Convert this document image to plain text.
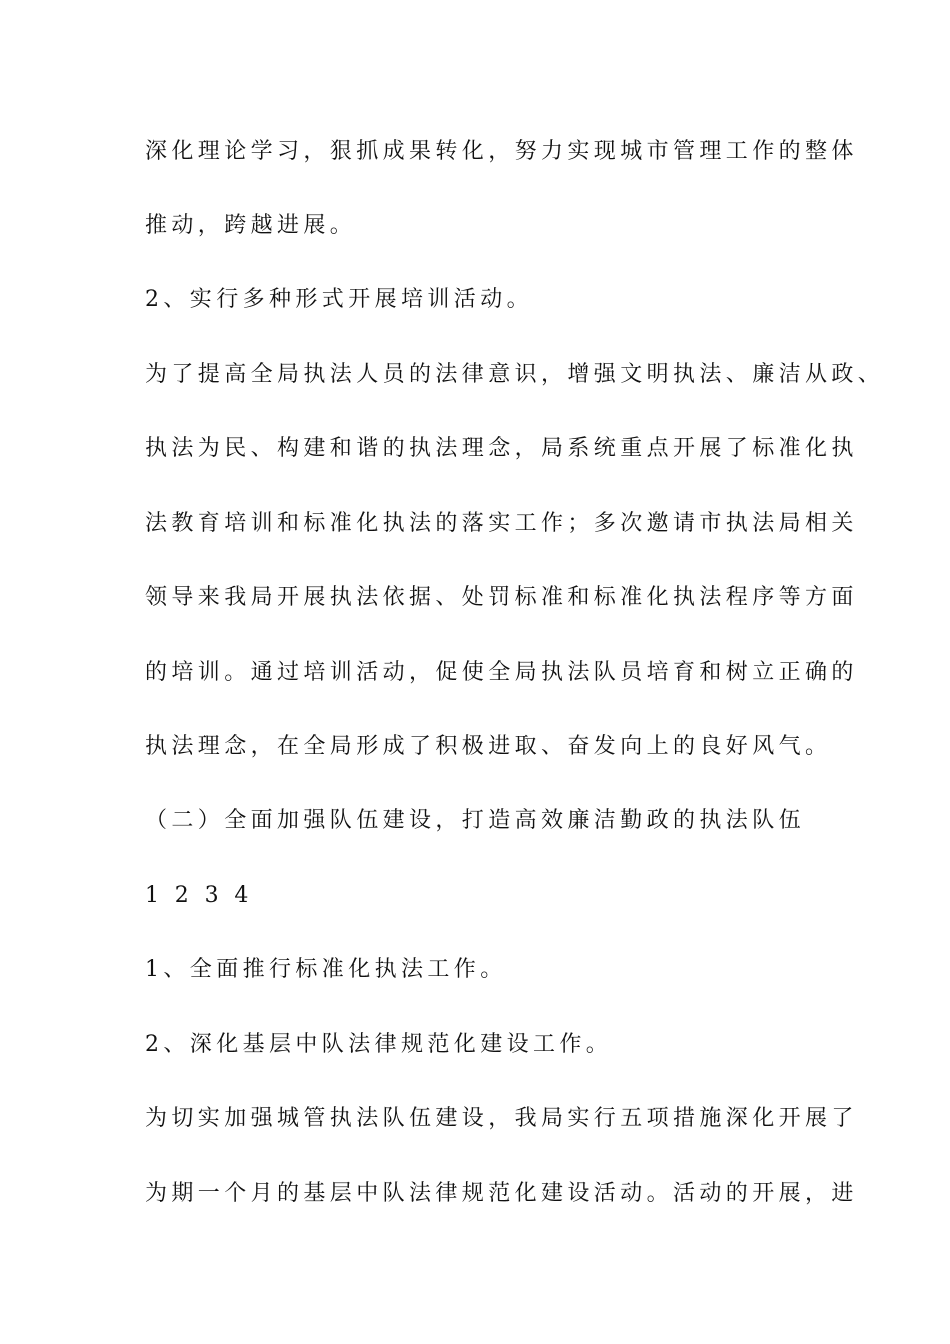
深化理论学习，狠抓成果转化，努力实现城市管理工作的整体
推动，跨越进展。
2、实行多种形式开展培训活动。
为了提高全局执法人员的法律意识，增强文明执法、廉洁从政、
执法为民、构建和谐的执法理念，局系统重点开展了标准化执
法教育培训和标准化执法的落实工作；多次邀请市执法局相关
领导来我局开展执法依据、处罚标准和标准化执法程序等方面
的培训。通过培训活动，促使全局执法队员培育和树立正确的
执法理念，在全局形成了积极进取、奋发向上的良好风气。
（二）全面加强队伍建设，打造高效廉洁勤政的执法队伍
1 2 3 4
1、全面推行标准化执法工作。
2、深化基层中队法律规范化建设工作。
为切实加强城管执法队伍建设，我局实行五项措施深化开展了
为期一个月的基层中队法律规范化建设活动。活动的开展，进
